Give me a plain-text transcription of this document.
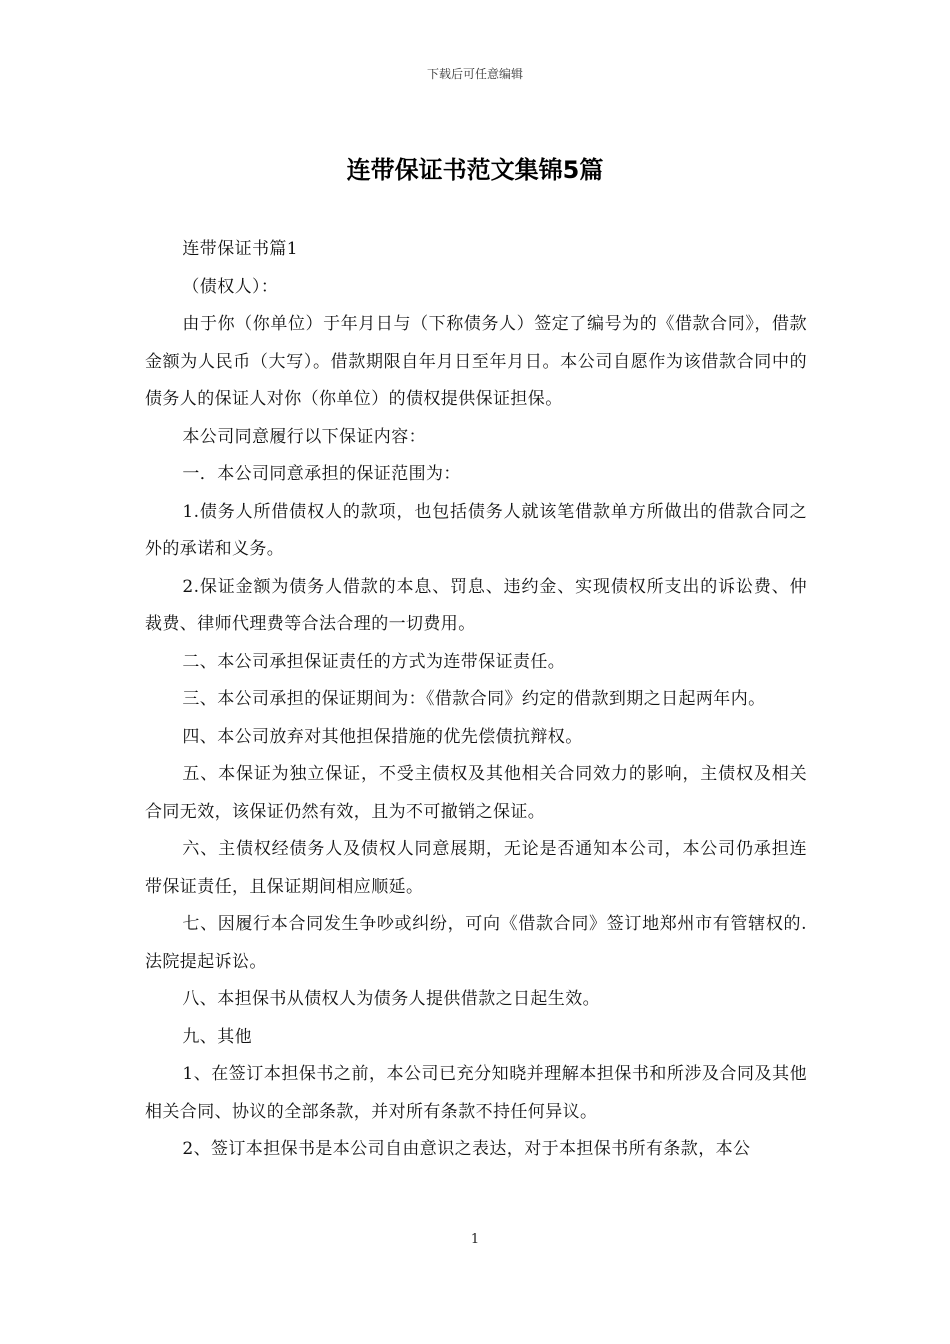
下载后可任意编辑
连带保证书范文集锦5篇

连带保证书篇1

（债权人）：

由于你（你单位）于年月日与（下称债务人）签定了编号为的《借款合同》，借款金额为人民币（大写）。借款期限自年月日至年月日。本公司自愿作为该借款合同中的债务人的保证人对你（你单位）的债权提供保证担保。

本公司同意履行以下保证内容：

一．本公司同意承担的保证范围为：

1.债务人所借债权人的款项，也包括债务人就该笔借款单方所做出的借款合同之外的承诺和义务。

2.保证金额为债务人借款的本息、罚息、违约金、实现债权所支出的诉讼费、仲裁费、律师代理费等合法合理的一切费用。

二、本公司承担保证责任的方式为连带保证责任。

三、本公司承担的保证期间为：《借款合同》约定的借款到期之日起两年内。

四、本公司放弃对其他担保措施的优先偿债抗辩权。

五、本保证为独立保证，不受主债权及其他相关合同效力的影响，主债权及相关合同无效，该保证仍然有效，且为不可撤销之保证。

六、主债权经债务人及债权人同意展期，无论是否通知本公司，本公司仍承担连带保证责任，且保证期间相应顺延。

七、因履行本合同发生争吵或纠纷，可向《借款合同》签订地郑州市有管辖权的.法院提起诉讼。

八、本担保书从债权人为债务人提供借款之日起生效。

九、其他

1、在签订本担保书之前，本公司已充分知晓并理解本担保书和所涉及合同及其他相关合同、协议的全部条款，并对所有条款不持任何异议。

2、签订本担保书是本公司自由意识之表达，对于本担保书所有条款，本公

1
